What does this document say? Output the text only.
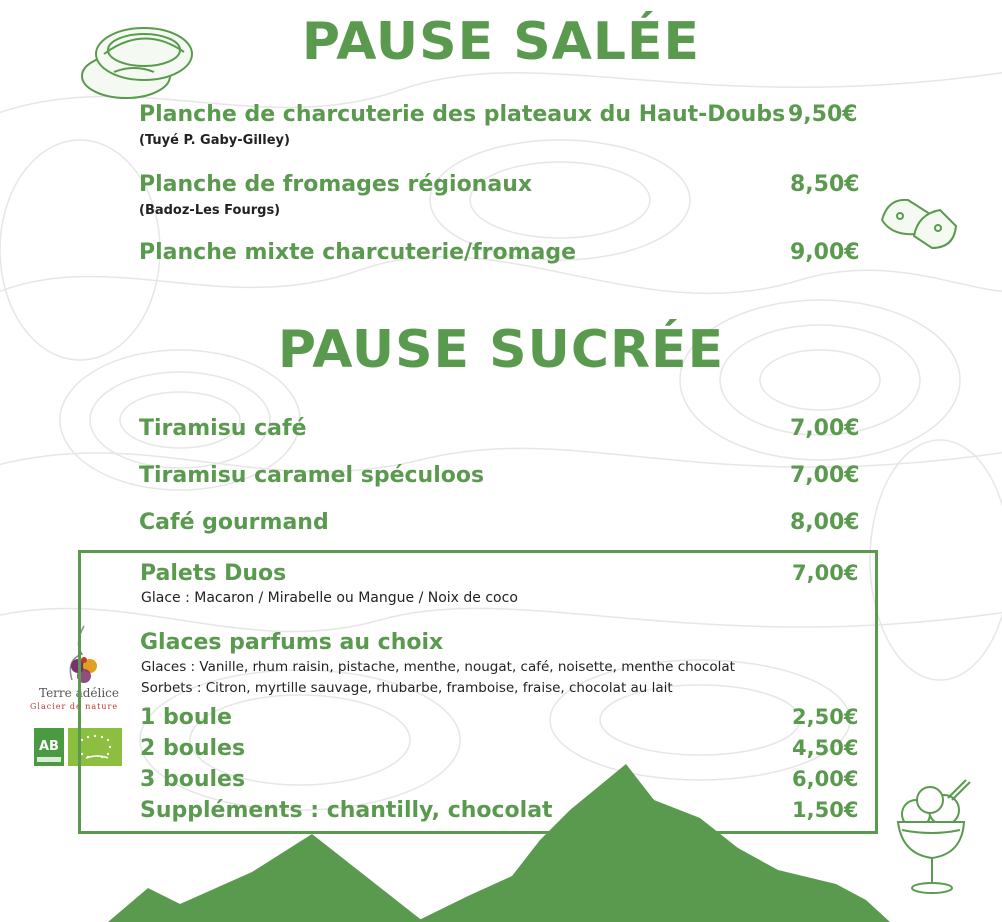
Terre adélice
Glacier de nature
AB
PAUSE SALÉE
Planche de charcuterie des plateaux du Haut-Doubs 9,50€
(Tuyé P. Gaby-Gilley)
Planche de fromages régionaux	8,50€
(Badoz-Les Fourgs)
Planche mixte charcuterie/fromage	9,00€
PAUSE SUCRÉE
Tiramisu café	7,00€
Tiramisu caramel spéculoos	7,00€
Café gourmand	8,00€
Palets Duos	7,00€
Glace : Macaron / Mirabelle ou Mangue / Noix de coco
Glaces parfums au choix
Glaces : Vanille, rhum raisin, pistache, menthe, nougat, café, noisette, menthe chocolat
Sorbets : Citron, myrtille sauvage, rhubarbe, framboise, fraise, chocolat au lait
1 boule	2,50€
2 boules	4,50€
3 boules	6,00€
Suppléments : chantilly, chocolat	1,50€
